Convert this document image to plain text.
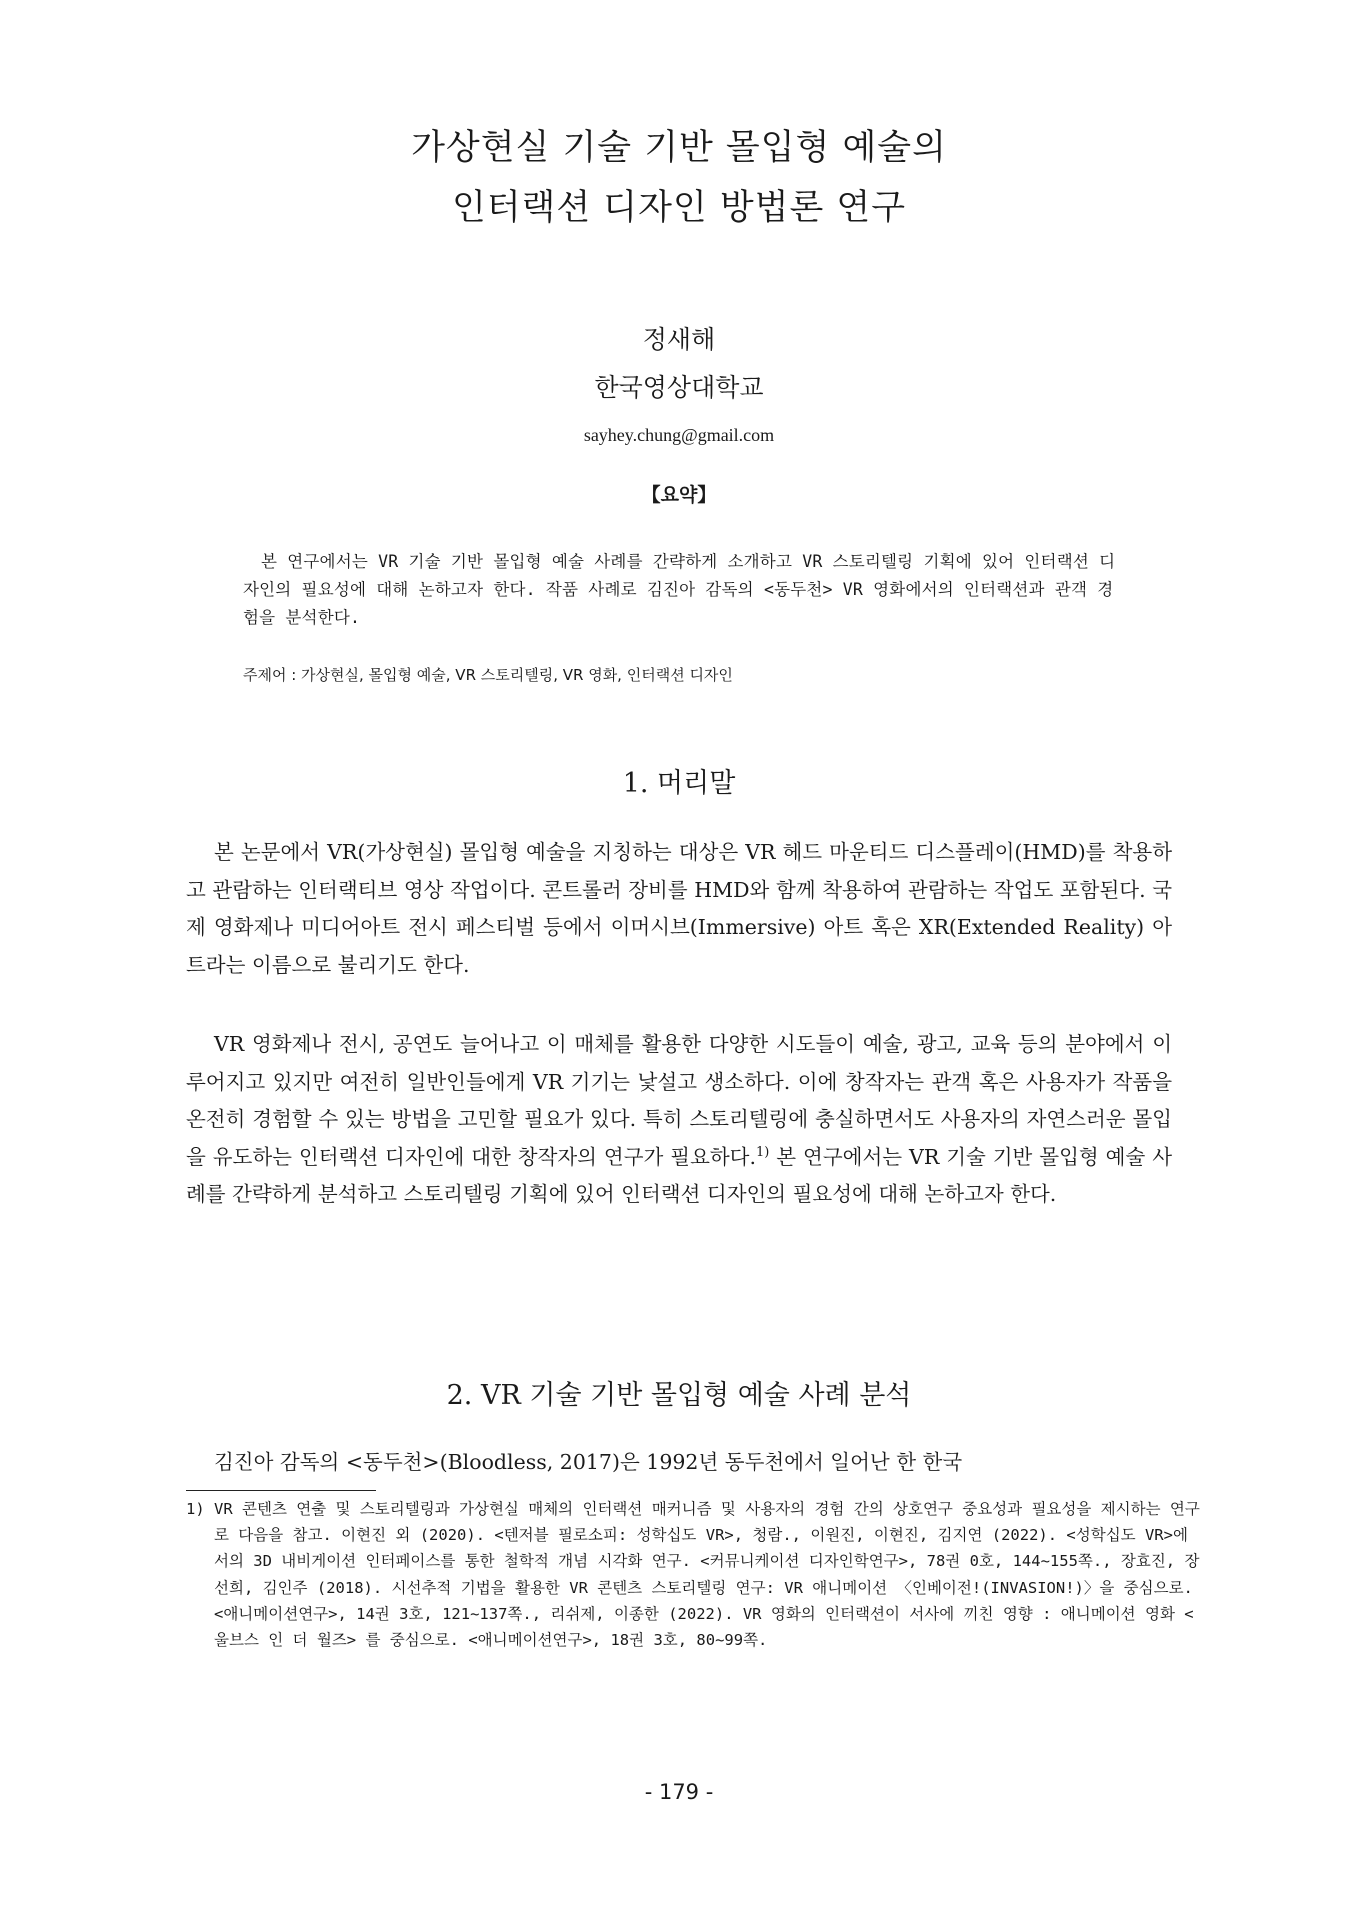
가상현실 기술 기반 몰입형 예술의
인터랙션 디자인 방법론 연구
정새해
한국영상대학교
sayhey.chung@gmail.com
【요약】

본 연구에서는 VR 기술 기반 몰입형 예술 사례를 간략하게 소개하고 VR 스토리텔링 기획에 있어 인터랙션 디자인의 필요성에 대해 논하고자 한다. 작품 사례로 김진아 감독의 <동두천> VR 영화에서의 인터랙션과 관객 경험을 분석한다.

주제어 : 가상현실, 몰입형 예술, VR 스토리텔링, VR 영화, 인터랙션 디자인
1. 머리말

본 논문에서 VR(가상현실) 몰입형 예술을 지칭하는 대상은 VR 헤드 마운티드 디스플레이(HMD)를 착용하고 관람하는 인터랙티브 영상 작업이다. 콘트롤러 장비를 HMD와 함께 착용하여 관람하는 작업도 포함된다. 국제 영화제나 미디어아트 전시 페스티벌 등에서 이머시브(Immersive) 아트 혹은 XR(Extended Reality) 아트라는 이름으로 불리기도 한다.

VR 영화제나 전시, 공연도 늘어나고 이 매체를 활용한 다양한 시도들이 예술, 광고, 교육 등의 분야에서 이루어지고 있지만 여전히 일반인들에게 VR 기기는 낯설고 생소하다. 이에 창작자는 관객 혹은 사용자가 작품을 온전히 경험할 수 있는 방법을 고민할 필요가 있다. 특히 스토리텔링에 충실하면서도 사용자의 자연스러운 몰입을 유도하는 인터랙션 디자인에 대한 창작자의 연구가 필요하다.$^{1)}$ 본 연구에서는 VR 기술 기반 몰입형 예술 사례를 간략하게 분석하고 스토리텔링 기획에 있어 인터랙션 디자인의 필요성에 대해 논하고자 한다.

2. VR 기술 기반 몰입형 예술 사례 분석

김진아 감독의 <동두천>(Bloodless, 2017)은 1992년 동두천에서 일어난 한 한국

1) VR 콘텐츠 연출 및 스토리텔링과 가상현실 매체의 인터랙션 매커니즘 및 사용자의 경험 간의 상호연구 중요성과 필요성을 제시하는 연구로 다음을 참고. 이현진 외 (2020). <텐저블 필로소피: 성학십도 VR>, 청람., 이원진, 이현진, 김지연 (2022). <성학십도 VR>에서의 3D 내비게이션 인터페이스를 통한 철학적 개념 시각화 연구. <커뮤니케이션 디자인학연구>, 78권 0호, 144~155쪽., 장효진, 장선희, 김인주 (2018). 시선추적 기법을 활용한 VR 콘텐츠 스토리텔링 연구: VR 애니메이션 〈인베이전!(INVASION!)〉을 중심으로. <애니메이션연구>, 14권 3호, 121~137쪽., 리쉬제, 이종한 (2022). VR 영화의 인터랙션이 서사에 끼친 영향 : 애니메이션 영화 <울브스 인 더 월즈> 를 중심으로. <애니메이션연구>, 18권 3호, 80~99쪽.

- 179 -
